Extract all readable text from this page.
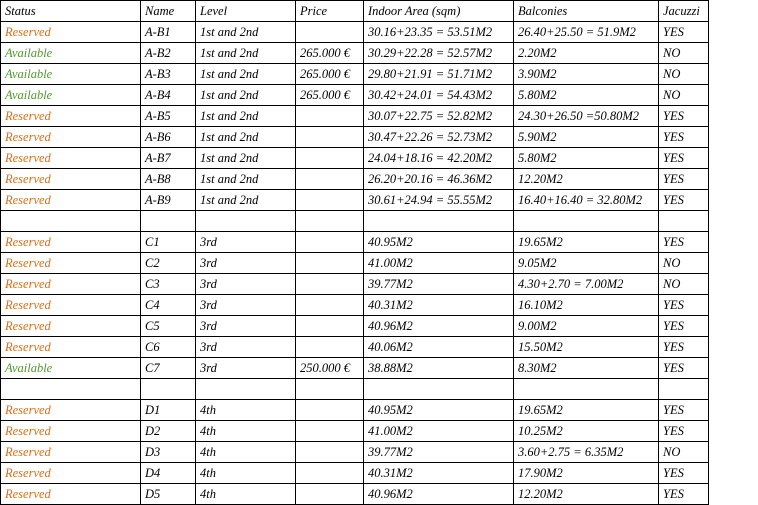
Status	Name	Level	Price	Indoor Area (sqm)	Balconies	Jacuzzi
Reserved	A-B1	1st and 2nd		30.16+23.35 = 53.51M2	26.40+25.50 = 51.9M2	YES
Available	A-B2	1st and 2nd	265.000 €	30.29+22.28 = 52.57M2	2.20M2	NO
Available	A-B3	1st and 2nd	265.000 €	29.80+21.91 = 51.71M2	3.90M2	NO
Available	A-B4	1st and 2nd	265.000 €	30.42+24.01 = 54.43M2	5.80M2	NO
Reserved	A-B5	1st and 2nd		30.07+22.75 = 52.82M2	24.30+26.50 =50.80M2	YES
Reserved	A-B6	1st and 2nd		30.47+22.26 = 52.73M2	5.90M2	YES
Reserved	A-B7	1st and 2nd		24.04+18.16 = 42.20M2	5.80M2	YES
Reserved	A-B8	1st and 2nd		26.20+20.16 = 46.36M2	12.20M2	YES
Reserved	A-B9	1st and 2nd		30.61+24.94 = 55.55M2	16.40+16.40 = 32.80M2	YES

Reserved	C1	3rd		40.95M2	19.65M2	YES
Reserved	C2	3rd		41.00M2	9.05M2	NO
Reserved	C3	3rd		39.77M2	4.30+2.70 = 7.00M2	NO
Reserved	C4	3rd		40.31M2	16.10M2	YES
Reserved	C5	3rd		40.96M2	9.00M2	YES
Reserved	C6	3rd		40.06M2	15.50M2	YES
Available	C7	3rd	250.000 €	38.88M2	8.30M2	YES

Reserved	D1	4th		40.95M2	19.65M2	YES
Reserved	D2	4th		41.00M2	10.25M2	YES
Reserved	D3	4th		39.77M2	3.60+2.75 = 6.35M2	NO
Reserved	D4	4th		40.31M2	17.90M2	YES
Reserved	D5	4th		40.96M2	12.20M2	YES
